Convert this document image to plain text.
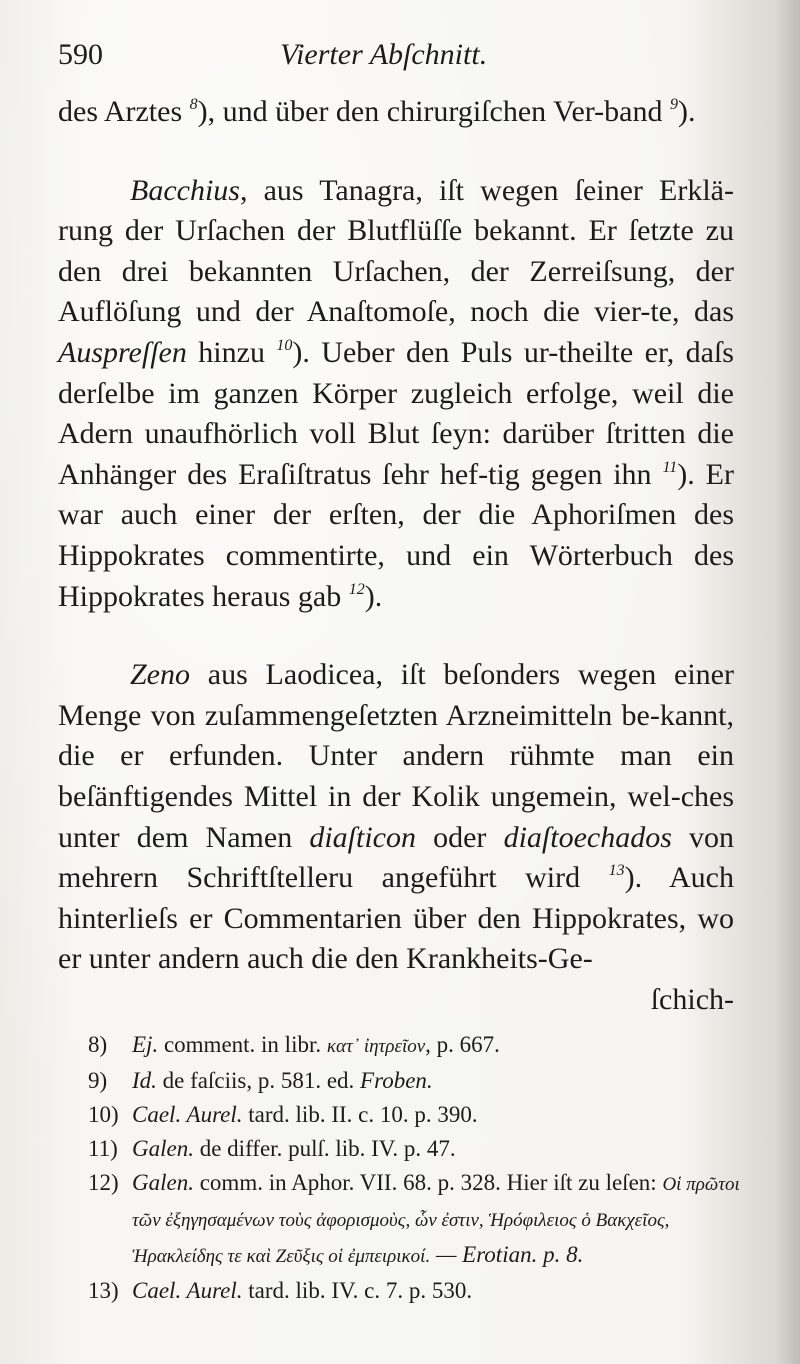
590	Vierter Abſchnitt.

des Arztes $^8$), und über den chirurgiſchen Ver-band $^9$).

Bacchius, aus Tanagra, iſt wegen ſeiner Erklä-rung der Urſachen der Blutflüſſe bekannt. Er ſetzte zu den drei bekannten Urſachen, der Zerreiſsung, der Auflöſung und der Anaſtomoſe, noch die vier-te, das Auspreſſen hinzu $^{10}$). Ueber den Puls ur-theilte er, daſs derſelbe im ganzen Körper zugleich erfolge, weil die Adern unaufhörlich voll Blut ſeyn: darüber ſtritten die Anhänger des Eraſiſtratus ſehr hef-tig gegen ihn $^{11}$). Er war auch einer der erſten, der die Aphoriſmen des Hippokrates commentirte, und ein Wörterbuch des Hippokrates heraus gab $^{12}$).

Zeno aus Laodicea, iſt beſonders wegen einer Menge von zuſammengeſetzten Arzneimitteln be-kannt, die er erfunden. Unter andern rühmte man ein beſänftigendes Mittel in der Kolik ungemein, wel-ches unter dem Namen diaſticon oder diaſtoechados von mehrern Schriftſtelleru angeführt wird $^{13}$). Auch hinterlieſs er Commentarien über den Hippokrates, wo er unter andern auch die den Krankheits-Ge-
ſchich-

8) Ej. comment. in libr. κατ᾽ ἰητρεῖον, p. 667.

9) Id. de faſciis, p. 581. ed. Froben.

10) Cael. Aurel. tard. lib. II. c. 10. p. 390.

11) Galen. de differ. pulſ. lib. IV. p. 47.

12) Galen. comm. in Aphor. VII. 68. p. 328. Hier iſt zu leſen: Οἱ πρῶτοι τῶν ἐξηγησαμένων τοὺς ἀφορισμοὺς, ὧν ἐστιν, Ἡρόφιλειος ὁ Βακχεῖος, Ἡρακλείδης τε καὶ Ζεῦξις οἱ ἐμπειρικοί. — Erotian. p. 8.

13) Cael. Aurel. tard. lib. IV. c. 7. p. 530.
